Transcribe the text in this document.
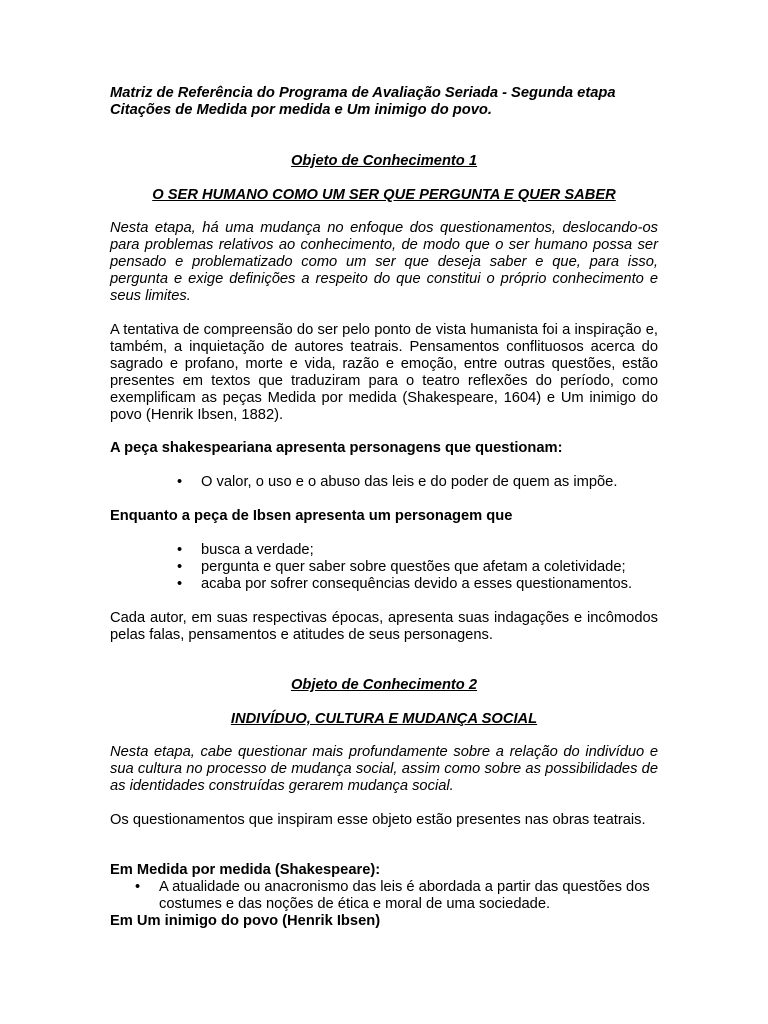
Matriz de Referência do Programa de Avaliação Seriada - Segunda etapa
Citações de Medida por medida e Um inimigo do povo.
Objeto de Conhecimento 1
O SER HUMANO COMO UM SER QUE PERGUNTA E QUER SABER

Nesta etapa, há uma mudança no enfoque dos questionamentos, deslocando-os para problemas relativos ao conhecimento, de modo que o ser humano possa ser pensado e problematizado como um ser que deseja saber e que, para isso, pergunta e exige definições a respeito do que constitui o próprio conhecimento e seus limites.

A tentativa de compreensão do ser pelo ponto de vista humanista foi a inspiração e, também, a inquietação de autores teatrais. Pensamentos conflituosos acerca do sagrado e profano, morte e vida, razão e emoção, entre outras questões, estão presentes em textos que traduziram para o teatro reflexões do período, como exemplificam as peças Medida por medida (Shakespeare, 1604) e Um inimigo do povo (Henrik Ibsen, 1882).

A peça shakespeariana apresenta personagens que questionam:
• O valor, o uso e o abuso das leis e do poder de quem as impõe.
Enquanto a peça de Ibsen apresenta um personagem que
• busca a verdade;
• pergunta e quer saber sobre questões que afetam a coletividade;
• acaba por sofrer consequências devido a esses questionamentos.

Cada autor, em suas respectivas épocas, apresenta suas indagações e incômodos pelas falas, pensamentos e atitudes de seus personagens.

Objeto de Conhecimento 2
INDIVÍDUO, CULTURA E MUDANÇA SOCIAL

Nesta etapa, cabe questionar mais profundamente sobre a relação do indivíduo e sua cultura no processo de mudança social, assim como sobre as possibilidades de as identidades construídas gerarem mudança social.

Os questionamentos que inspiram esse objeto estão presentes nas obras teatrais.

Em Medida por medida (Shakespeare):
• A atualidade ou anacronismo das leis é abordada a partir das questões dos costumes e das noções de ética e moral de uma sociedade.
Em Um inimigo do povo (Henrik Ibsen)
